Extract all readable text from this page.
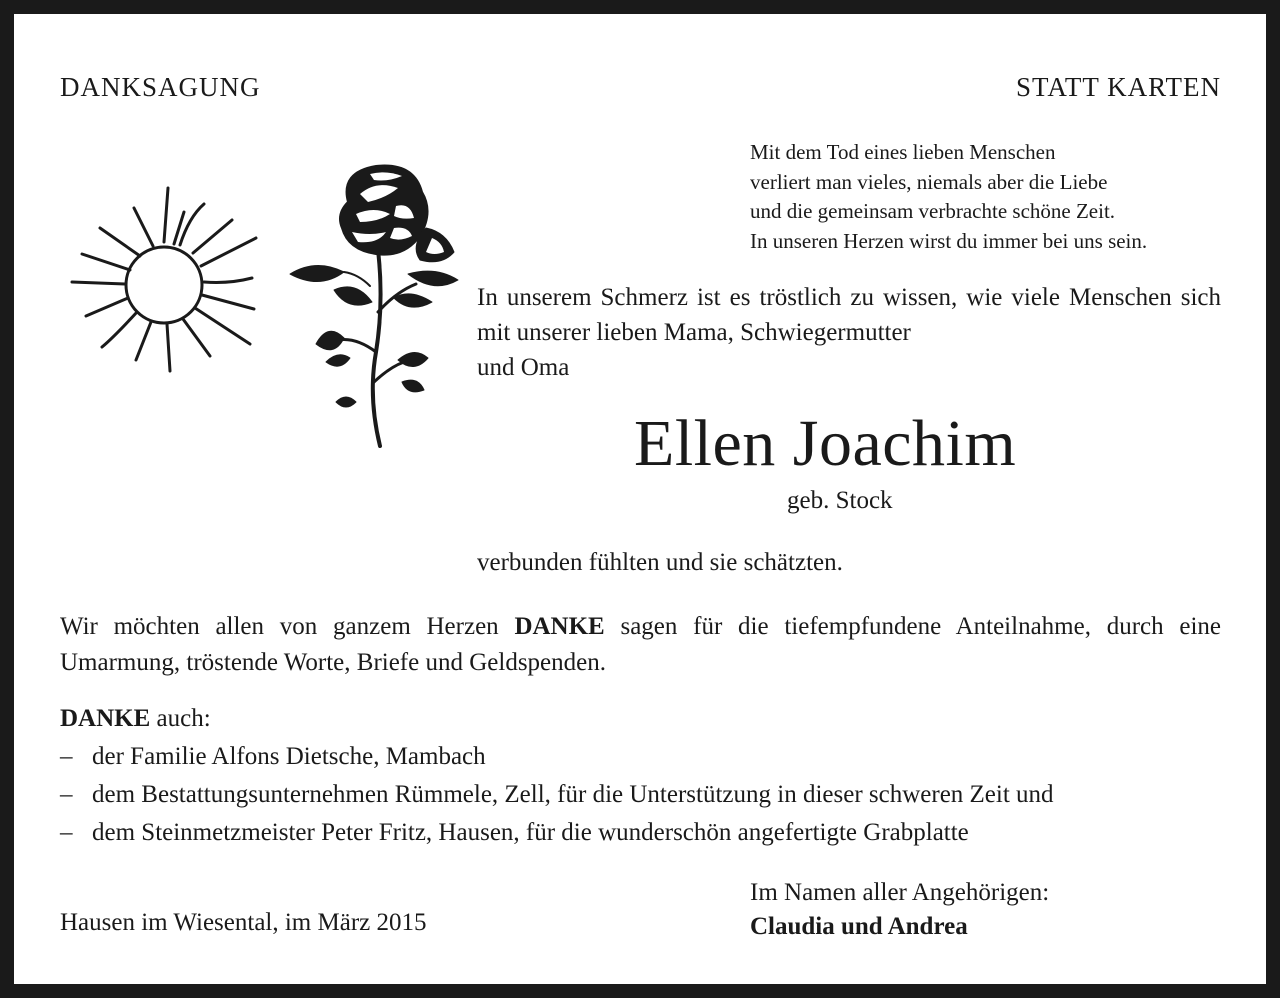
DANKSAGUNG	STATT KARTEN
Mit dem Tod eines lieben Menschen
verliert man vieles, niemals aber die Liebe
und die gemeinsam verbrachte schöne Zeit.
In unseren Herzen wirst du immer bei uns sein.
In unserem Schmerz ist es tröstlich zu wissen, wie viele Menschen sich mit unserer lieben Mama, Schwiegermutter
und Oma
Ellen Joachim
geb. Stock
verbunden fühlten und sie schätzten.
Wir möchten allen von ganzem Herzen DANKE sagen für die tiefempfundene Anteilnahme, durch eine Umarmung, tröstende Worte, Briefe und Geldspenden.
DANKE auch:
– der Familie Alfons Dietsche, Mambach
– dem Bestattungsunternehmen Rümmele, Zell, für die Unterstützung in dieser schweren Zeit und
– dem Steinmetzmeister Peter Fritz, Hausen, für die wunderschön angefertigte Grabplatte
Hausen im Wiesental, im März 2015
Im Namen aller Angehörigen:
Claudia und Andrea
